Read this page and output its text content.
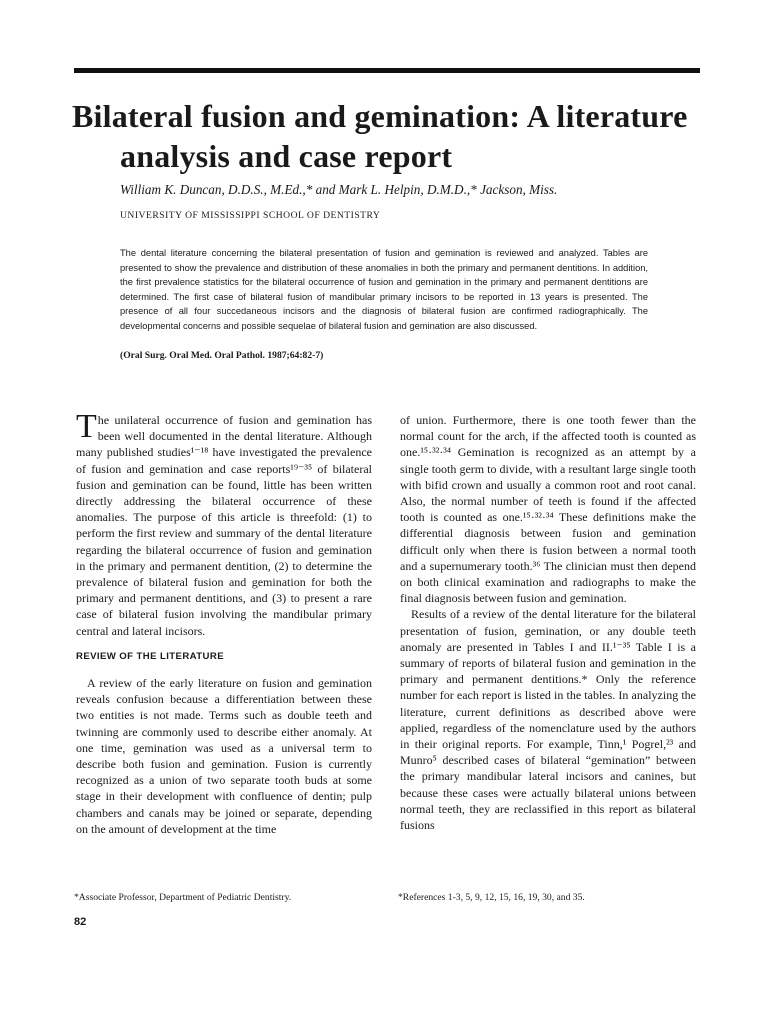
Bilateral fusion and gemination: A literature
analysis and case report
William K. Duncan, D.D.S., M.Ed.,* and Mark L. Helpin, D.M.D.,* Jackson, Miss.
UNIVERSITY OF MISSISSIPPI SCHOOL OF DENTISTRY
The dental literature concerning the bilateral presentation of fusion and gemination is reviewed and analyzed. Tables are presented to show the prevalence and distribution of these anomalies in both the primary and permanent dentitions. In addition, the first prevalence statistics for the bilateral occurrence of fusion and gemination in the primary and permanent dentitions are determined. The first case of bilateral fusion of mandibular primary incisors to be reported in 13 years is presented. The presence of all four succedaneous incisors and the diagnosis of bilateral fusion are confirmed radiographically. The developmental concerns and possible sequelae of bilateral fusion and gemination are also discussed.
(Oral Surg. Oral Med. Oral Pathol. 1987;64:82-7)

The unilateral occurrence of fusion and gemination has been well documented in the dental literature. Although many published studies¹⁻¹⁸ have investigated the prevalence of fusion and gemination and case reports¹⁹⁻³⁵ of bilateral fusion and gemination can be found, little has been written directly addressing the bilateral occurrence of these anomalies. The purpose of this article is threefold: (1) to perform the first review and summary of the dental literature regarding the bilateral occurrence of fusion and gemination in the primary and permanent dentition, (2) to determine the prevalence of bilateral fusion and gemination for both the primary and permanent dentitions, and (3) to present a rare case of bilateral fusion involving the mandibular primary central and lateral incisors.

REVIEW OF THE LITERATURE

A review of the early literature on fusion and gemination reveals confusion because a differentiation between these two entities is not made. Terms such as double teeth and twinning are commonly used to describe either anomaly. At one time, gemination was used as a universal term to describe both fusion and gemination. Fusion is currently recognized as a union of two separate tooth buds at some stage in their development with confluence of dentin; pulp chambers and canals may be joined or separate, depending on the amount of development at the time

of union. Furthermore, there is one tooth fewer than the normal count for the arch, if the affected tooth is counted as one.¹⁵·³²·³⁴ Gemination is recognized as an attempt by a single tooth germ to divide, with a resultant large single tooth with bifid crown and usually a common root and root canal. Also, the normal number of teeth is found if the affected tooth is counted as one.¹⁵·³²·³⁴ These definitions make the differential diagnosis between fusion and gemination difficult only when there is fusion between a normal tooth and a supernumerary tooth.³⁶ The clinician must then depend on both clinical examination and radiographs to make the final diagnosis between fusion and gemination.

Results of a review of the dental literature for the bilateral presentation of fusion, gemination, or any double teeth anomaly are presented in Tables I and II.¹⁻³⁵ Table I is a summary of reports of bilateral fusion and gemination in the primary and permanent dentitions.* Only the reference number for each report is listed in the tables. In analyzing the literature, current definitions as described above were applied, regardless of the nomenclature used by the authors in their original reports. For example, Tinn,¹ Pogrel,²³ and Munro⁵ described cases of bilateral “gemination” between the primary mandibular lateral incisors and canines, but because these cases were actually bilateral unions between normal teeth, they are reclassified in this report as bilateral fusions

*Associate Professor, Department of Pediatric Dentistry.	*References 1-3, 5, 9, 12, 15, 16, 19, 30, and 35.
82
